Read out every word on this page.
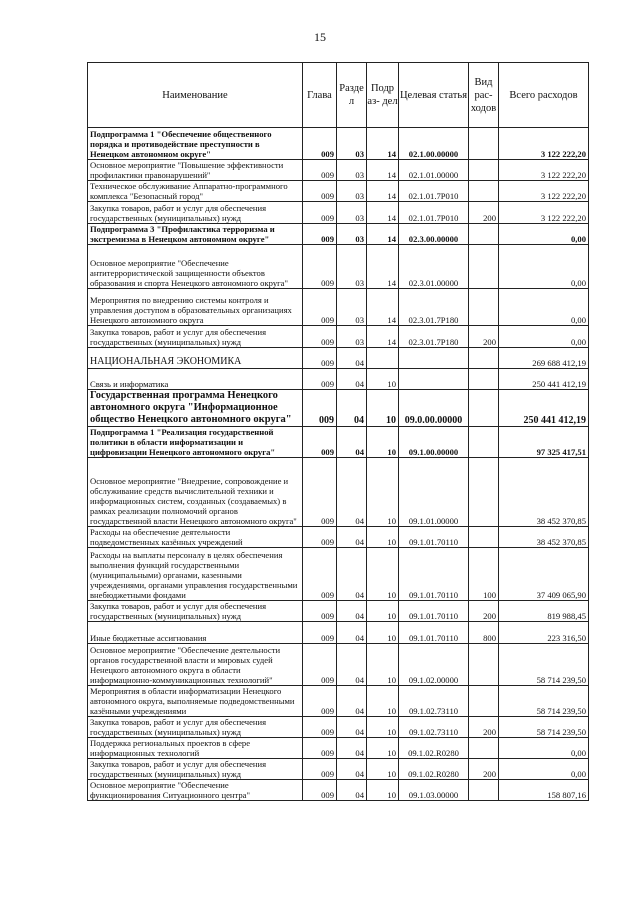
15
Наименование	Глава	Разде л	Подр аз- дел	Целевая статья	Вид рас- ходов	Всего расходов
Подпрограмма 1 "Обеспечение общественного порядка и противодействие преступности в Ненецком автономном округе"	009	03	14	02.1.00.00000		3 122 222,20
Основное мероприятие "Повышение эффективности профилактики правонарушений"	009	03	14	02.1.01.00000		3 122 222,20
Техническое обслуживание Аппаратно-программного комплекса "Безопасный город"	009	03	14	02.1.01.7Р010		3 122 222,20
Закупка товаров, работ и услуг для обеспечения государственных (муниципальных) нужд	009	03	14	02.1.01.7Р010	200	3 122 222,20
Подпрограмма 3 "Профилактика терроризма и экстремизма в Ненецком автономном округе"	009	03	14	02.3.00.00000		0,00
Основное мероприятие "Обеспечение антитеррористической защищенности объектов образования и спорта Ненецкого автономного округа"	009	03	14	02.3.01.00000		0,00
Мероприятия по внедрению системы контроля и управления доступом в образовательных организациях Ненецкого автономного округа	009	03	14	02.3.01.7Р180		0,00
Закупка товаров, работ и услуг для обеспечения государственных (муниципальных) нужд	009	03	14	02.3.01.7Р180	200	0,00
НАЦИОНАЛЬНАЯ ЭКОНОМИКА	009	04				269 688 412,19
Связь и информатика	009	04	10			250 441 412,19
Государственная программа Ненецкого автономного округа "Информационное общество Ненецкого автономного округа"	009	04	10	09.0.00.00000		250 441 412,19
Подпрограмма 1 "Реализация государственной политики в области информатизации и цифровизации Ненецкого автономного округа"	009	04	10	09.1.00.00000		97 325 417,51
Основное мероприятие "Внедрение, сопровождение и обслуживание средств вычислительной техники и информационных систем, созданных (создаваемых) в рамках реализации полномочий органов государственной власти Ненецкого автономного округа"	009	04	10	09.1.01.00000		38 452 370,85
Расходы на обеспечение деятельности подведомственных казённых учреждений	009	04	10	09.1.01.70110		38 452 370,85
Расходы на выплаты персоналу в целях обеспечения выполнения функций государственными (муниципальными) органами, казенными учреждениями, органами управления государственными внебюджетными фондами	009	04	10	09.1.01.70110	100	37 409 065,90
Закупка товаров, работ и услуг для обеспечения государственных (муниципальных) нужд	009	04	10	09.1.01.70110	200	819 988,45
Иные бюджетные ассигнования	009	04	10	09.1.01.70110	800	223 316,50
Основное мероприятие "Обеспечение деятельности органов государственной власти и мировых судей Ненецкого автономного округа в области информационно-коммуникационных технологий"	009	04	10	09.1.02.00000		58 714 239,50
Мероприятия в области информатизации Ненецкого автономного округа, выполняемые подведомственными казёнными учреждениями	009	04	10	09.1.02.73110		58 714 239,50
Закупка товаров, работ и услуг для обеспечения государственных (муниципальных) нужд	009	04	10	09.1.02.73110	200	58 714 239,50
Поддержка региональных проектов в сфере информационных технологий	009	04	10	09.1.02.R0280		0,00
Закупка товаров, работ и услуг для обеспечения государственных (муниципальных) нужд	009	04	10	09.1.02.R0280	200	0,00
Основное мероприятие "Обеспечение функционирования Ситуационного центра"	009	04	10	09.1.03.00000		158 807,16
